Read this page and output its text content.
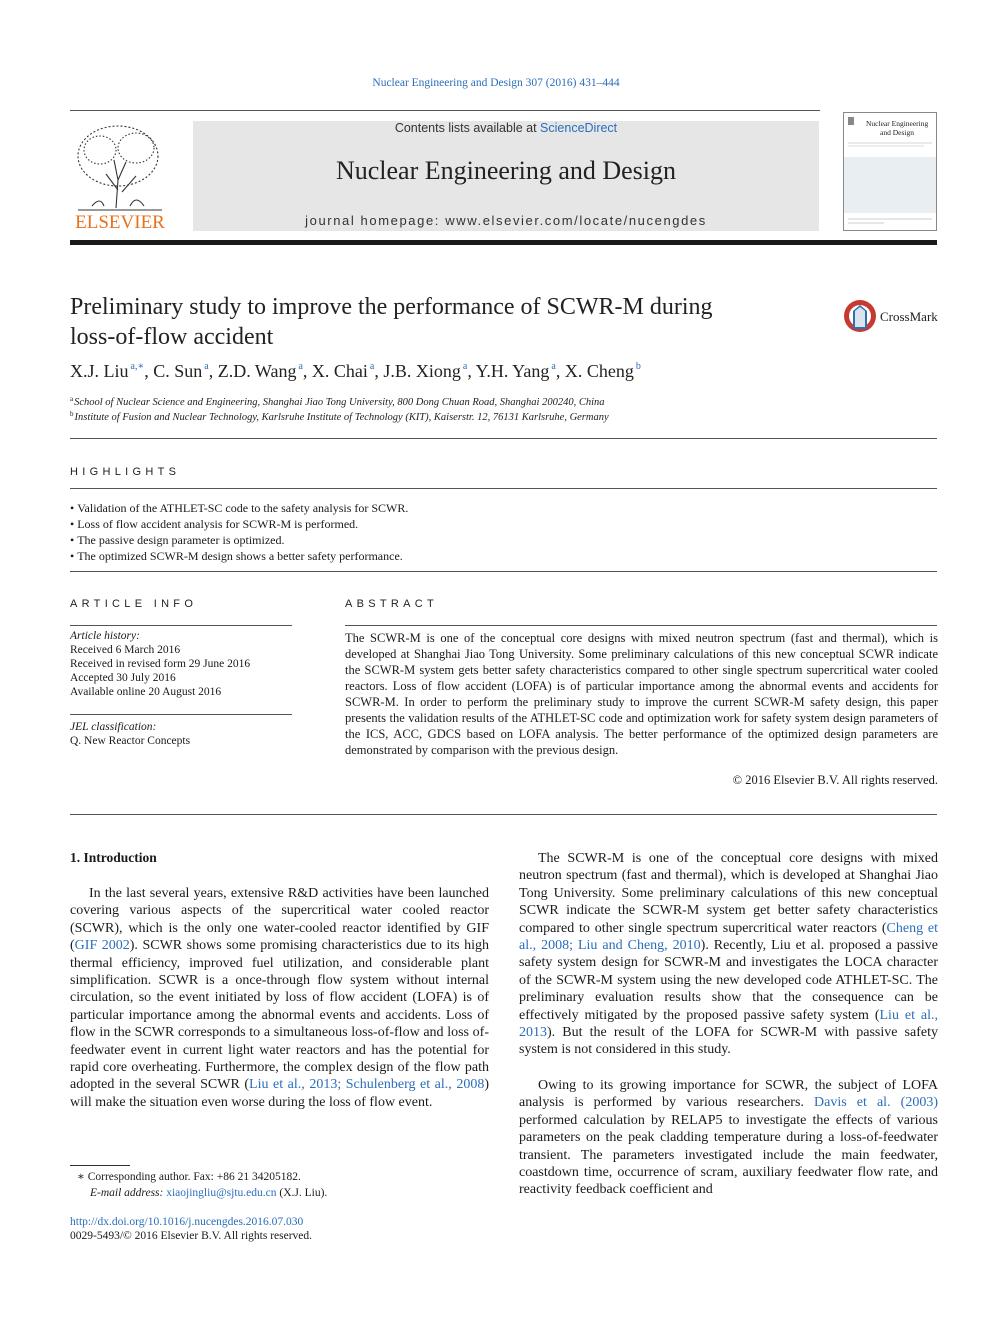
Nuclear Engineering and Design 307 (2016) 431–444
ELSEVIER
Contents lists available at ScienceDirect
Nuclear Engineering and Design
journal homepage: www.elsevier.com/locate/nucengdes
Nuclear Engineering
and Design
Preliminary study to improve the performance of SCWR-M during
loss-of-flow accident
CrossMark
X.J. Liu $^{a,∗}$, C. Sun $^a$, Z.D. Wang $^a$, X. Chai $^a$, J.B. Xiong $^a$, Y.H. Yang $^a$, X. Cheng $^b$
$^a$School of Nuclear Science and Engineering, Shanghai Jiao Tong University, 800 Dong Chuan Road, Shanghai 200240, China
$^b$Institute of Fusion and Nuclear Technology, Karlsruhe Institute of Technology (KIT), Kaiserstr. 12, 76131 Karlsruhe, Germany
HIGHLIGHTS
• Validation of the ATHLET-SC code to the safety analysis for SCWR.
• Loss of flow accident analysis for SCWR-M is performed.
• The passive design parameter is optimized.
• The optimized SCWR-M design shows a better safety performance.
ARTICLE INFO
Article history:
Received 6 March 2016
Received in revised form 29 June 2016
Accepted 30 July 2016
Available online 20 August 2016
JEL classification:
Q. New Reactor Concepts
ABSTRACT

The SCWR-M is one of the conceptual core designs with mixed neutron spectrum (fast and thermal), which is developed at Shanghai Jiao Tong University. Some preliminary calculations of this new conceptual SCWR indicate the SCWR-M system gets better safety characteristics compared to other single spectrum supercritical water cooled reactors. Loss of flow accident (LOFA) is of particular importance among the abnormal events and accidents for SCWR-M. In order to perform the preliminary study to improve the current SCWR-M safety design, this paper presents the validation results of the ATHLET-SC code and optimization work for safety system design parameters of the ICS, ACC, GDCS based on LOFA analysis. The better performance of the optimized design parameters are demonstrated by comparison with the previous design.

© 2016 Elsevier B.V. All rights reserved.
1. Introduction

In the last several years, extensive R&D activities have been launched covering various aspects of the supercritical water cooled reactor (SCWR), which is the only one water-cooled reactor identified by GIF (GIF 2002). SCWR shows some promising characteristics due to its high thermal efficiency, improved fuel utilization, and considerable plant simplification. SCWR is a once-through flow system without internal circulation, so the event initiated by loss of flow accident (LOFA) is of particular importance among the abnormal events and accidents. Loss of flow in the SCWR corresponds to a simultaneous loss-of-flow and loss of-feedwater event in current light water reactors and has the potential for rapid core overheating. Furthermore, the complex design of the flow path adopted in the several SCWR (Liu et al., 2013; Schulenberg et al., 2008) will make the situation even worse during the loss of flow event.

The SCWR-M is one of the conceptual core designs with mixed neutron spectrum (fast and thermal), which is developed at Shanghai Jiao Tong University. Some preliminary calculations of this new conceptual SCWR indicate the SCWR-M system get better safety characteristics compared to other single spectrum supercritical water reactors (Cheng et al., 2008; Liu and Cheng, 2010). Recently, Liu et al. proposed a passive safety system design for SCWR-M and investigates the LOCA character of the SCWR-M system using the new developed code ATHLET-SC. The preliminary evaluation results show that the consequence can be effectively mitigated by the proposed passive safety system (Liu et al., 2013). But the result of the LOFA for SCWR-M with passive safety system is not considered in this study.

Owing to its growing importance for SCWR, the subject of LOFA analysis is performed by various researchers. Davis et al. (2003) performed calculation by RELAP5 to investigate the effects of various parameters on the peak cladding temperature during a loss-of-feedwater transient. The parameters investigated include the main feedwater, coastdown time, occurrence of scram, auxiliary feedwater flow rate, and reactivity feedback coefficient and

∗ Corresponding author. Fax: +86 21 34205182.
E-mail address: xiaojingliu@sjtu.edu.cn (X.J. Liu).
http://dx.doi.org/10.1016/j.nucengdes.2016.07.030
0029-5493/© 2016 Elsevier B.V. All rights reserved.
